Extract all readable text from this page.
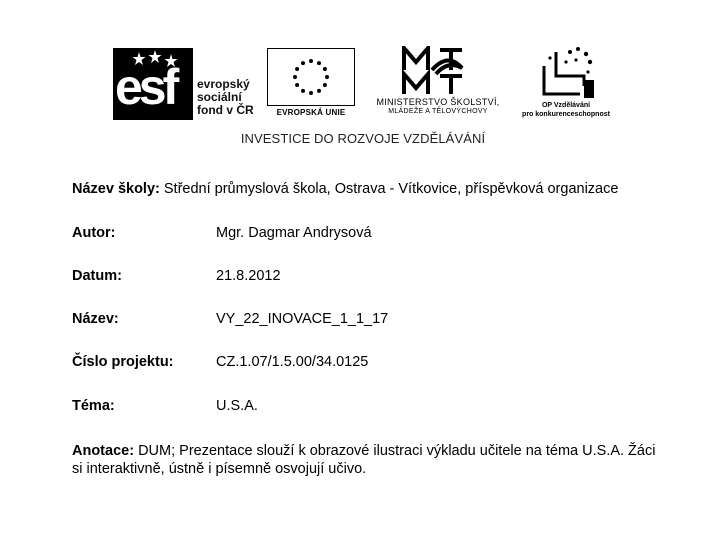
esf evropský
sociální
fond v ČR	EVROPSKÁ UNIE
MINISTERSTVO ŠKOLSTVÍ,
MLÁDEŽE A TĚLOVÝCHOVY
OP Vzdělávání
pro konkurenceschopnost
INVESTICE DO ROZVOJE VZDĚLÁVÁNÍ
Název školy: Střední průmyslová škola, Ostrava - Vítkovice, příspěvková organizace
Autor:	Mgr. Dagmar Andrysová
Datum:	21.8.2012
Název:	VY_22_INOVACE_1_1_17
Číslo projektu:	CZ.1.07/1.5.00/34.0125
Téma:	U.S.A.
Anotace: DUM; Prezentace slouží k obrazové ilustraci výkladu učitele na téma U.S.A. Žáci si interaktivně, ústně i písemně osvojují učivo.
